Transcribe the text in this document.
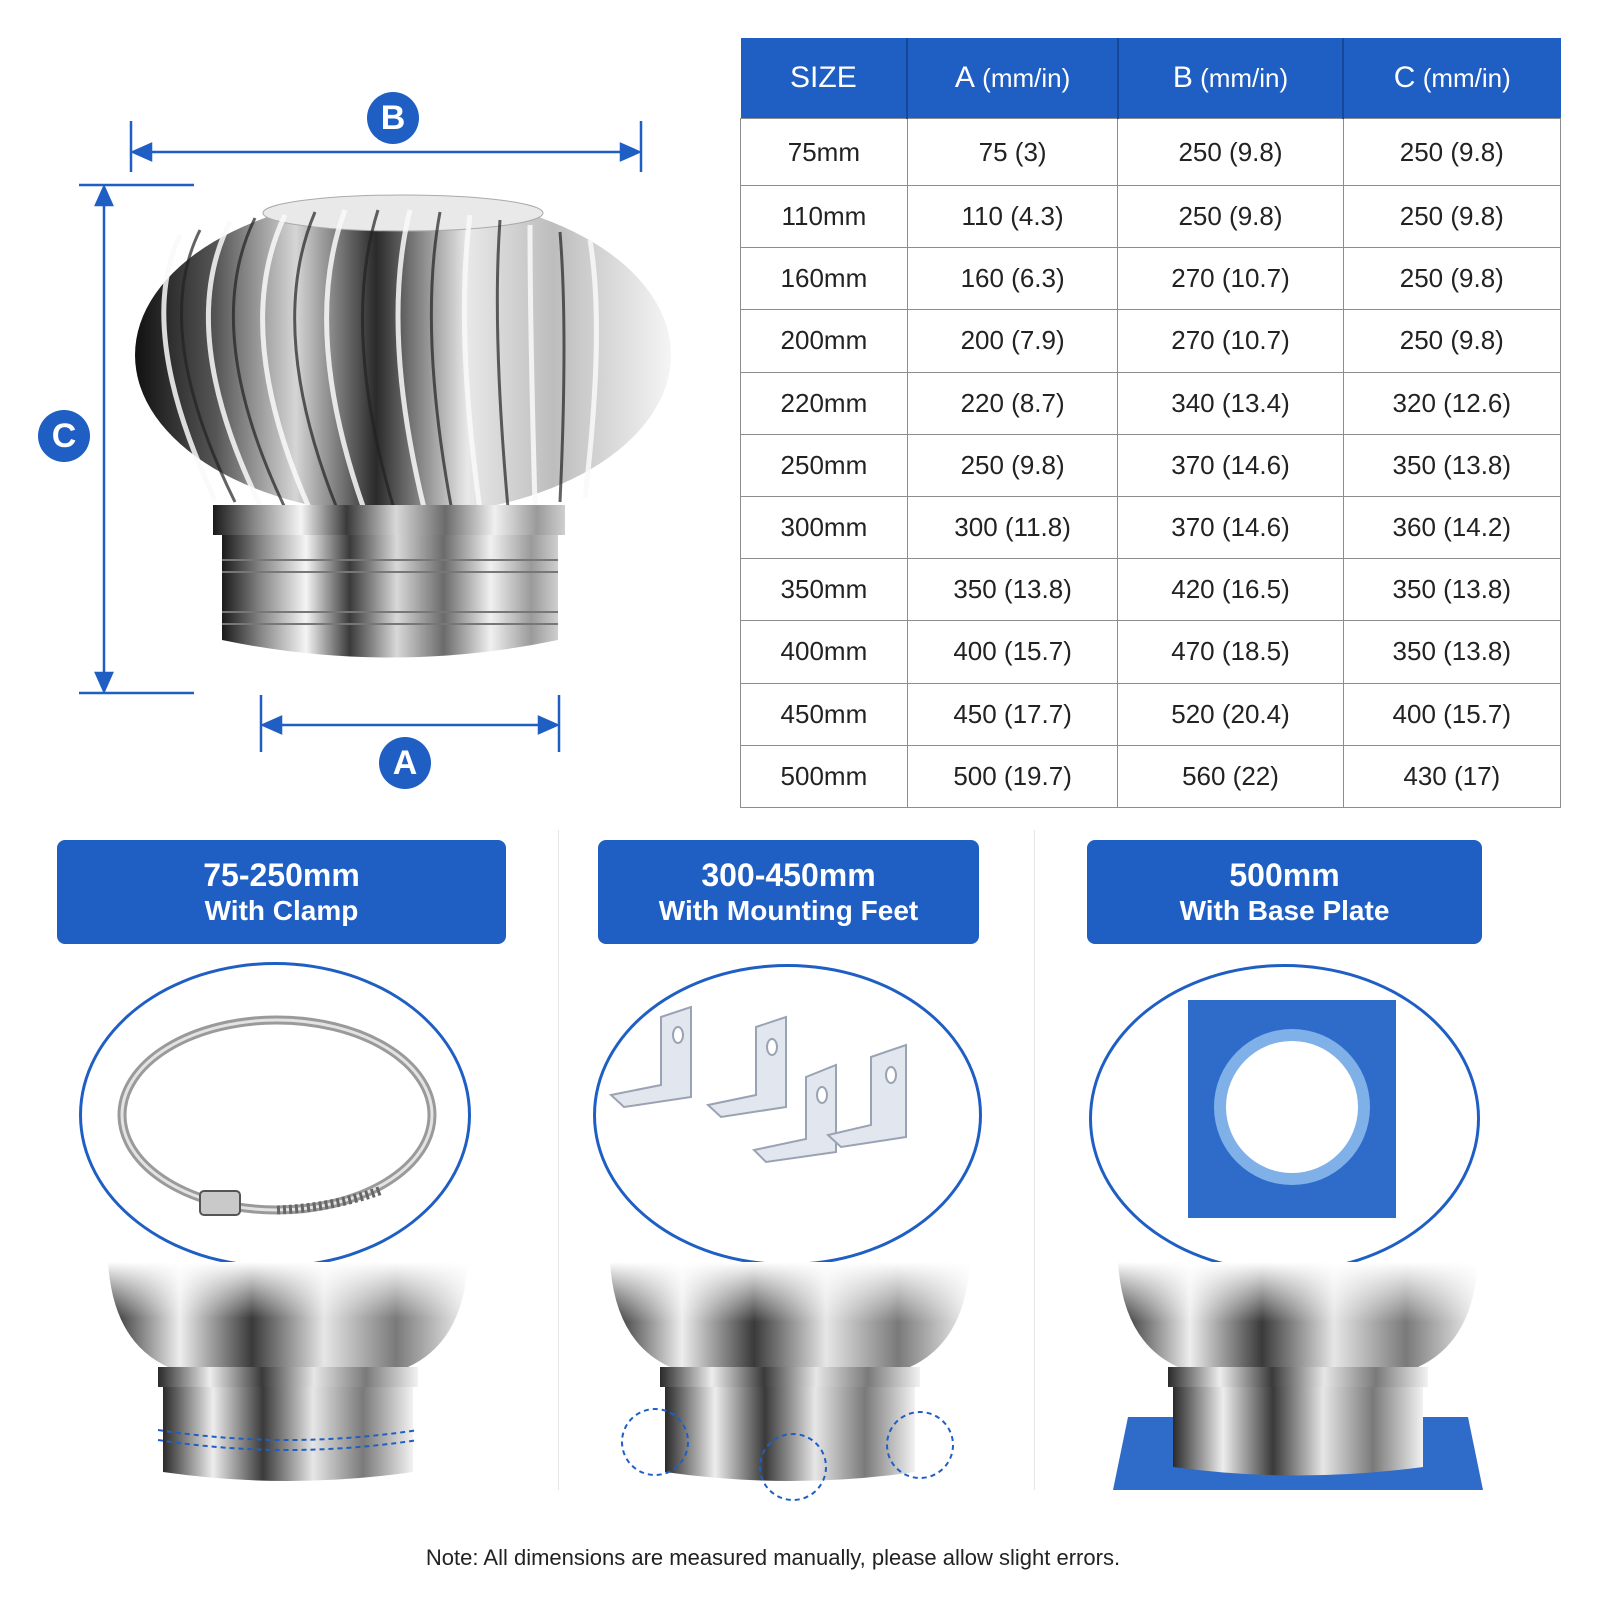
B
C
A
SIZE	A (mm/in)	B (mm/in)	C (mm/in)
75mm	75 (3)	250 (9.8)	250 (9.8)
110mm	110 (4.3)	250 (9.8)	250 (9.8)
160mm	160 (6.3)	270 (10.7)	250 (9.8)
200mm	200 (7.9)	270 (10.7)	250 (9.8)
220mm	220 (8.7)	340 (13.4)	320 (12.6)
250mm	250 (9.8)	370 (14.6)	350 (13.8)
300mm	300 (11.8)	370 (14.6)	360 (14.2)
350mm	350 (13.8)	420 (16.5)	350 (13.8)
400mm	400 (15.7)	470 (18.5)	350 (13.8)
450mm	450 (17.7)	520 (20.4)	400 (15.7)
500mm	500 (19.7)	560 (22)	430 (17)
75-250mm
With Clamp
300-450mm
With Mounting Feet
500mm
With Base Plate
Note: All dimensions are measured manually, please allow slight errors.
